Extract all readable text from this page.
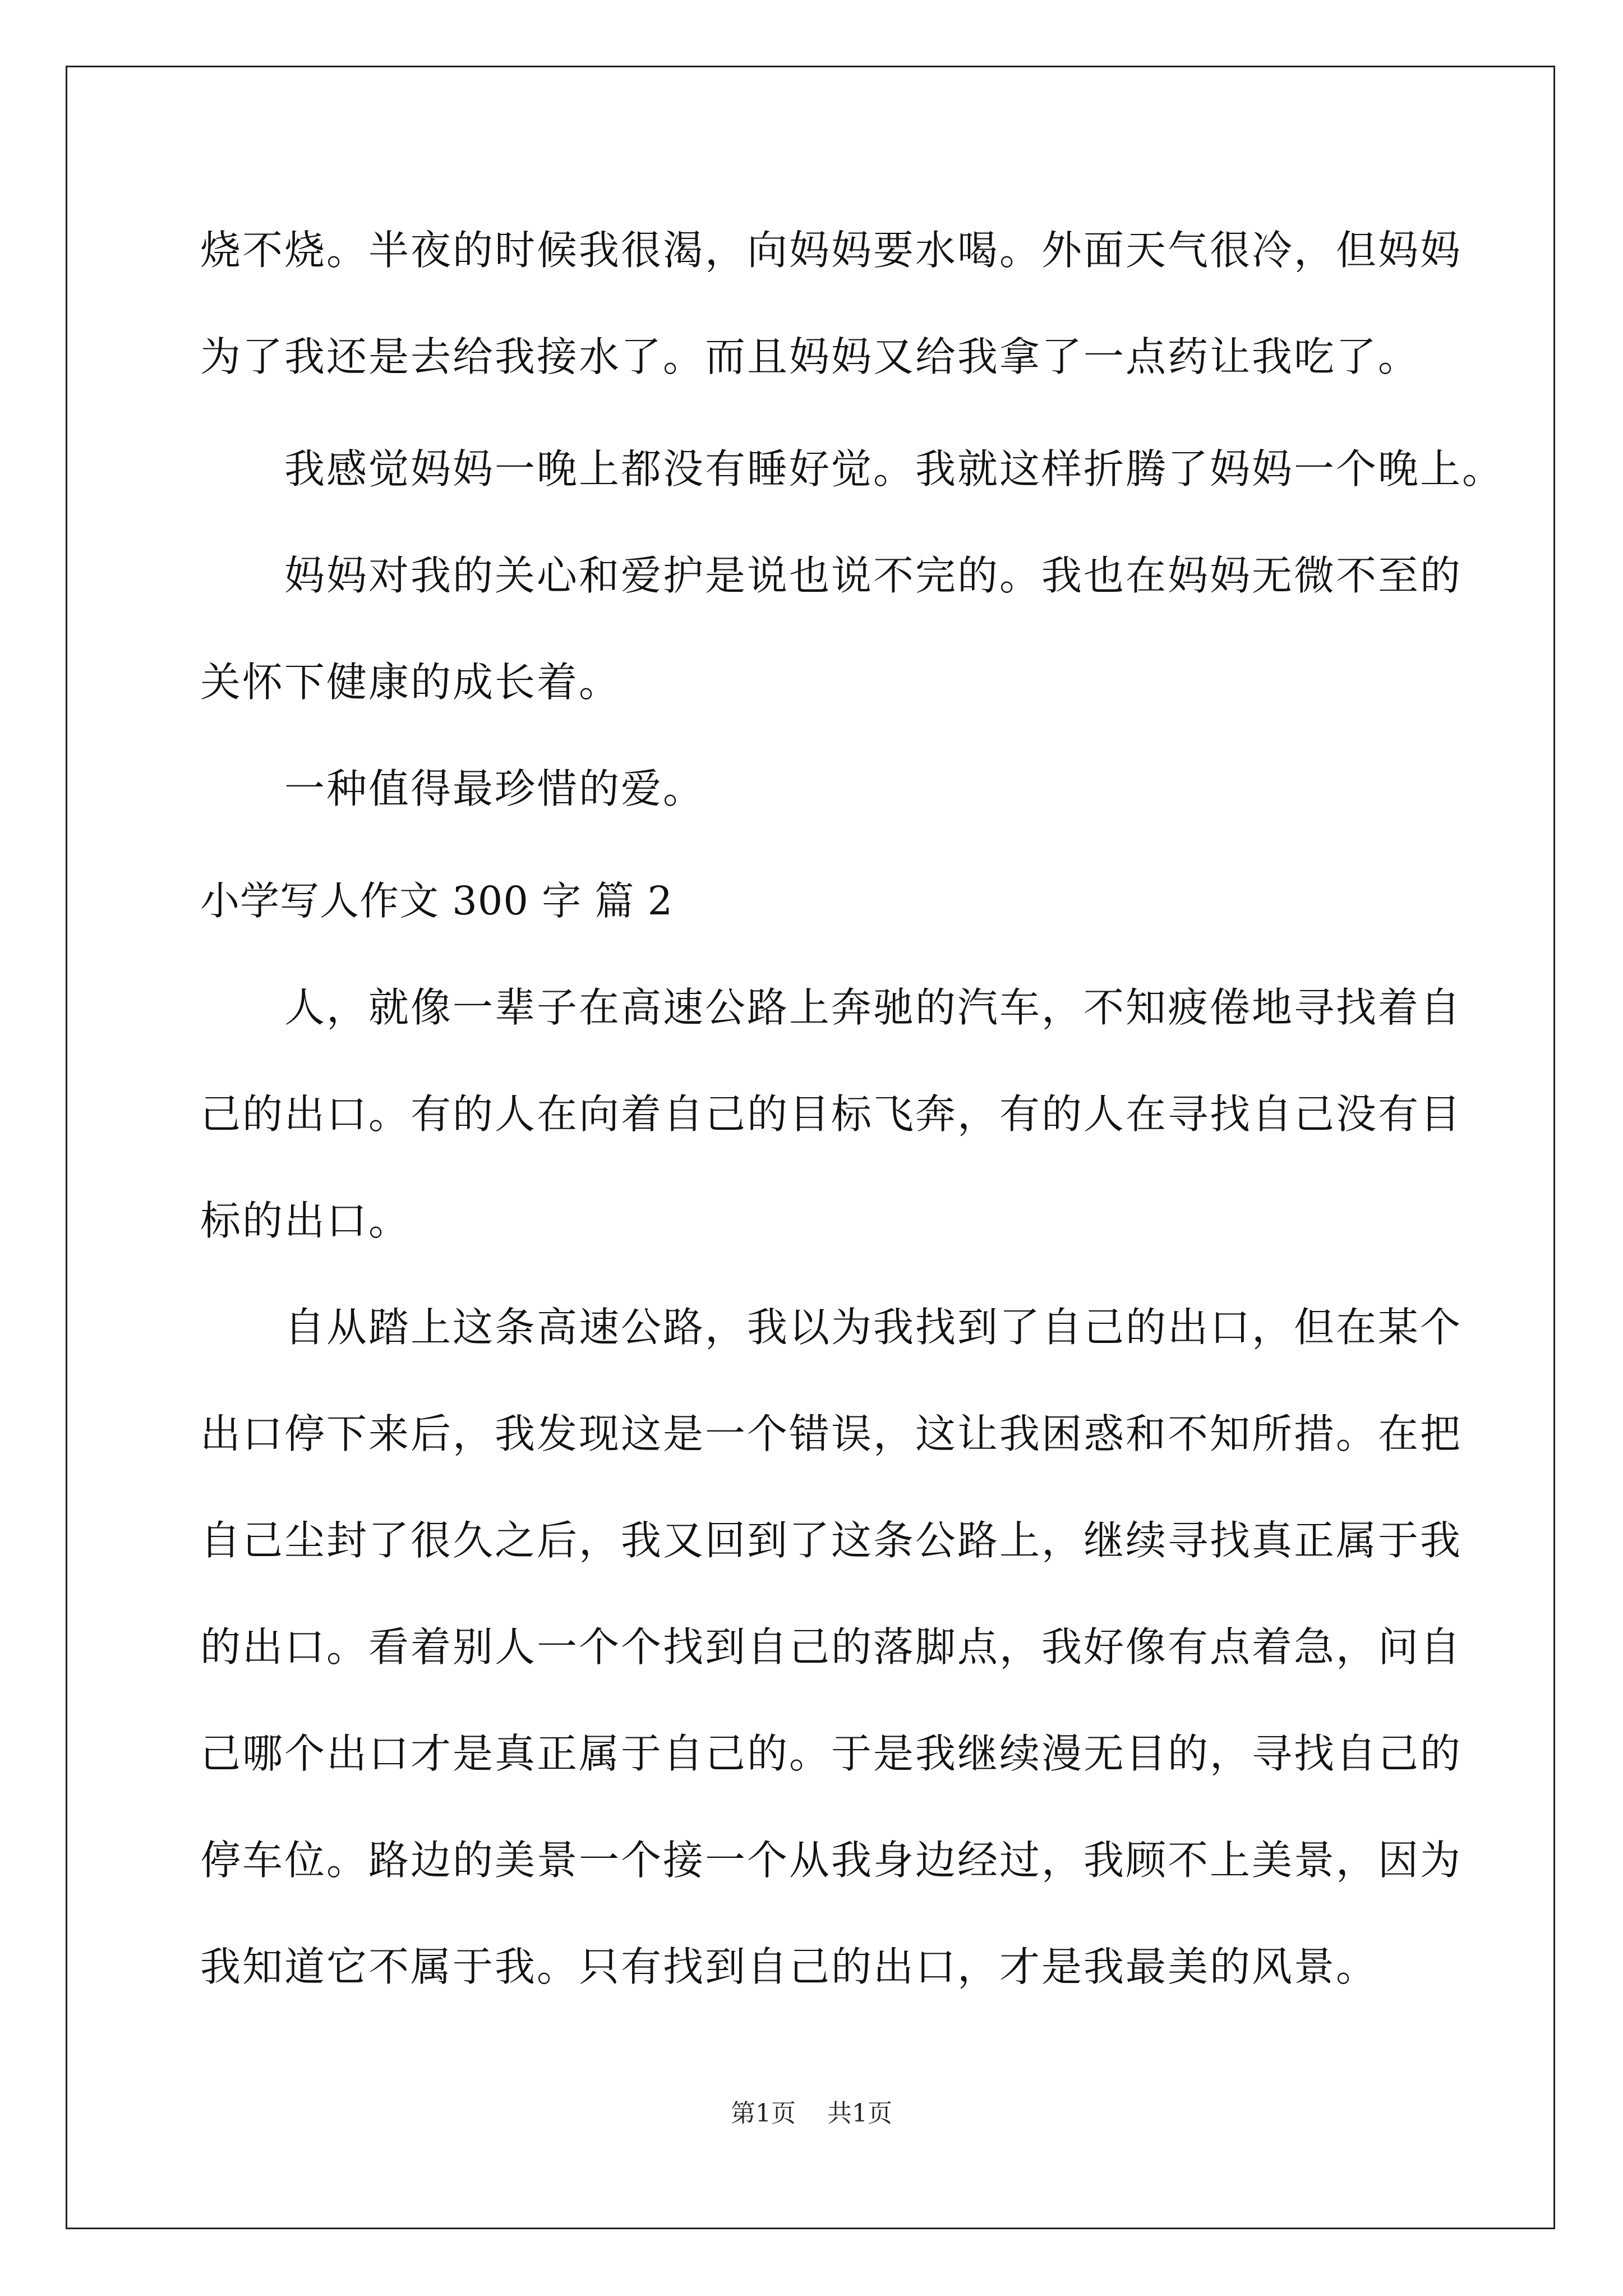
烧不烧。半夜的时候我很渴，向妈妈要水喝。外面天气很冷，但妈妈
为了我还是去给我接水了。而且妈妈又给我拿了一点药让我吃了。
我感觉妈妈一晚上都没有睡好觉。我就这样折腾了妈妈一个晚上。
妈妈对我的关心和爱护是说也说不完的。我也在妈妈无微不至的
关怀下健康的成长着。
一种值得最珍惜的爱。
小学写人作文 300 字 篇 2
人，就像一辈子在高速公路上奔驰的汽车，不知疲倦地寻找着自
己的出口。有的人在向着自己的目标飞奔，有的人在寻找自己没有目
标的出口。
自从踏上这条高速公路，我以为我找到了自己的出口，但在某个
出口停下来后，我发现这是一个错误，这让我困惑和不知所措。在把
自己尘封了很久之后，我又回到了这条公路上，继续寻找真正属于我
的出口。看着别人一个个找到自己的落脚点，我好像有点着急，问自
己哪个出口才是真正属于自己的。于是我继续漫无目的，寻找自己的
停车位。路边的美景一个接一个从我身边经过，我顾不上美景，因为
我知道它不属于我。只有找到自己的出口，才是我最美的风景。
第1页 共1页
